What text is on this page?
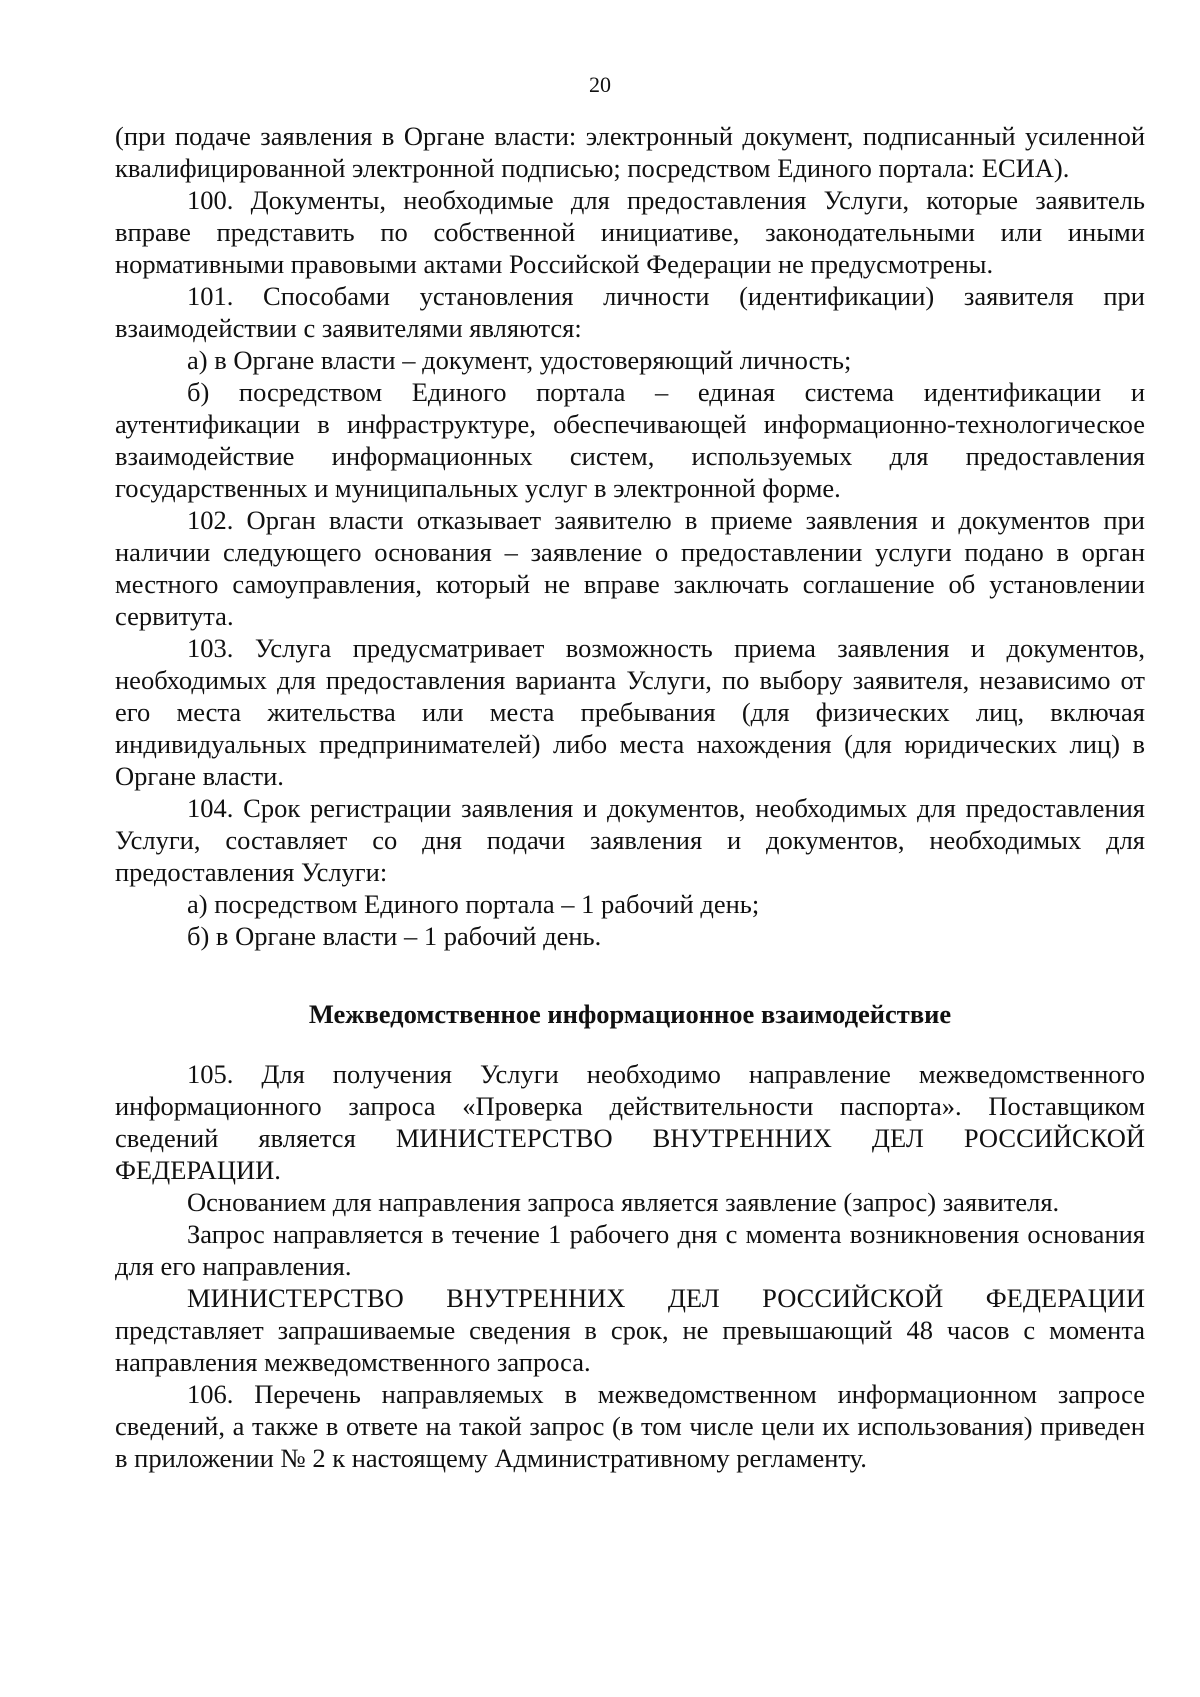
20

(при подаче заявления в Органе власти: электронный документ, подписанный усиленной квалифицированной электронной подписью; посредством Единого портала: ЕСИА).

100. Документы, необходимые для предоставления Услуги, которые заявитель вправе представить по собственной инициативе, законодательными или иными нормативными правовыми актами Российской Федерации не предусмотрены.

101. Способами установления личности (идентификации) заявителя при взаимодействии с заявителями являются:

а) в Органе власти – документ, удостоверяющий личность;

б) посредством Единого портала – единая система идентификации и аутентификации в инфраструктуре, обеспечивающей информационно-технологическое взаимодействие информационных систем, используемых для предоставления государственных и муниципальных услуг в электронной форме.

102. Орган власти отказывает заявителю в приеме заявления и документов при наличии следующего основания – заявление о предоставлении услуги подано в орган местного самоуправления, который не вправе заключать соглашение об установлении сервитута.

103. Услуга предусматривает возможность приема заявления и документов, необходимых для предоставления варианта Услуги, по выбору заявителя, независимо от его места жительства или места пребывания (для физических лиц, включая индивидуальных предпринимателей) либо места нахождения (для юридических лиц) в Органе власти.

104. Срок регистрации заявления и документов, необходимых для предоставления Услуги, составляет со дня подачи заявления и документов, необходимых для предоставления Услуги:

а) посредством Единого портала – 1 рабочий день;

б) в Органе власти – 1 рабочий день.

Межведомственное информационное взаимодействие

105. Для получения Услуги необходимо направление межведомственного информационного запроса «Проверка действительности паспорта». Поставщиком сведений является МИНИСТЕРСТВО ВНУТРЕННИХ ДЕЛ РОССИЙСКОЙ ФЕДЕРАЦИИ.

Основанием для направления запроса является заявление (запрос) заявителя.

Запрос направляется в течение 1 рабочего дня с момента возникновения основания для его направления.

МИНИСТЕРСТВО ВНУТРЕННИХ ДЕЛ РОССИЙСКОЙ ФЕДЕРАЦИИ представляет запрашиваемые сведения в срок, не превышающий 48 часов с момента направления межведомственного запроса.

106. Перечень направляемых в межведомственном информационном запросе сведений, а также в ответе на такой запрос (в том числе цели их использования) приведен в приложении № 2 к настоящему Административному регламенту.
